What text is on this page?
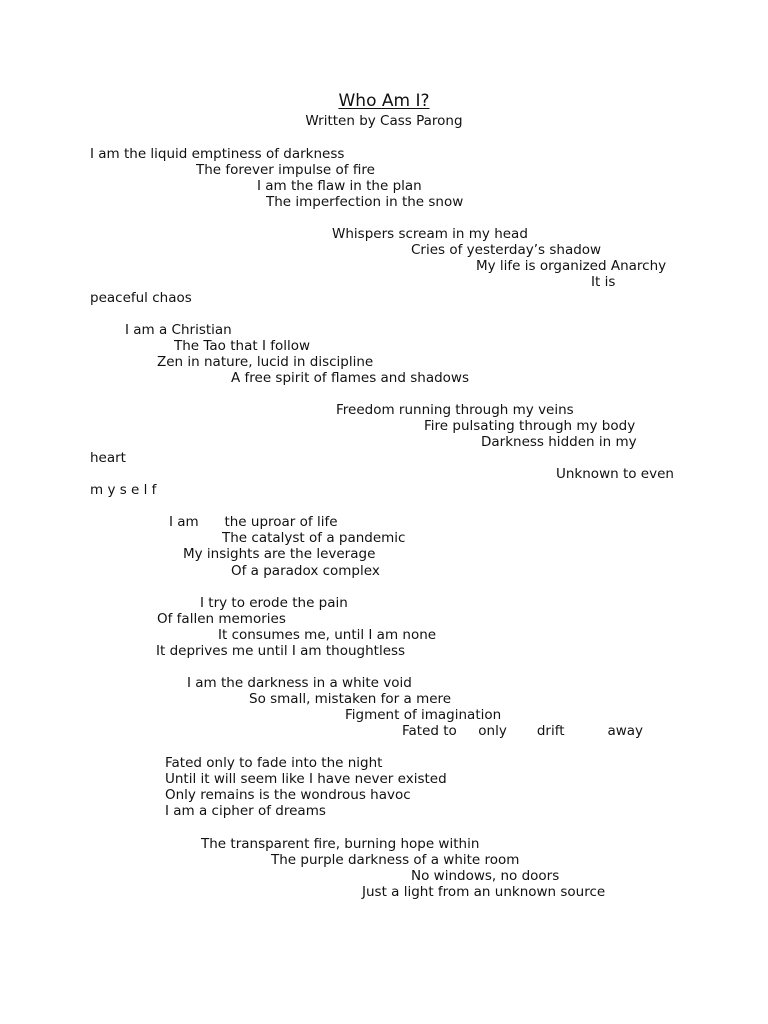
Who Am I?
Written by Cass Parong
I am the liquid emptiness of darkness
The forever impulse of fire
I am the flaw in the plan
The imperfection in the snow
Whispers scream in my head
Cries of yesterday’s shadow
My life is organized Anarchy
It is
peaceful chaos
I am a Christian
The Tao that I follow
Zen in nature, lucid in discipline
A free spirit of flames and shadows
Freedom running through my veins
Fire pulsating through my body
Darkness hidden in my
heart
Unknown to even
m y s e l f
I am      the uproar of life
The catalyst of a pandemic
My insights are the leverage
Of a paradox complex
I try to erode the pain
Of fallen memories
It consumes me, until I am none
It deprives me until I am thoughtless
I am the darkness in a white void
So small, mistaken for a mere
Figment of imagination
Fated to     only       drift          away
Fated only to fade into the night
Until it will seem like I have never existed
Only remains is the wondrous havoc
I am a cipher of dreams
The transparent fire, burning hope within
The purple darkness of a white room
No windows, no doors
Just a light from an unknown source
